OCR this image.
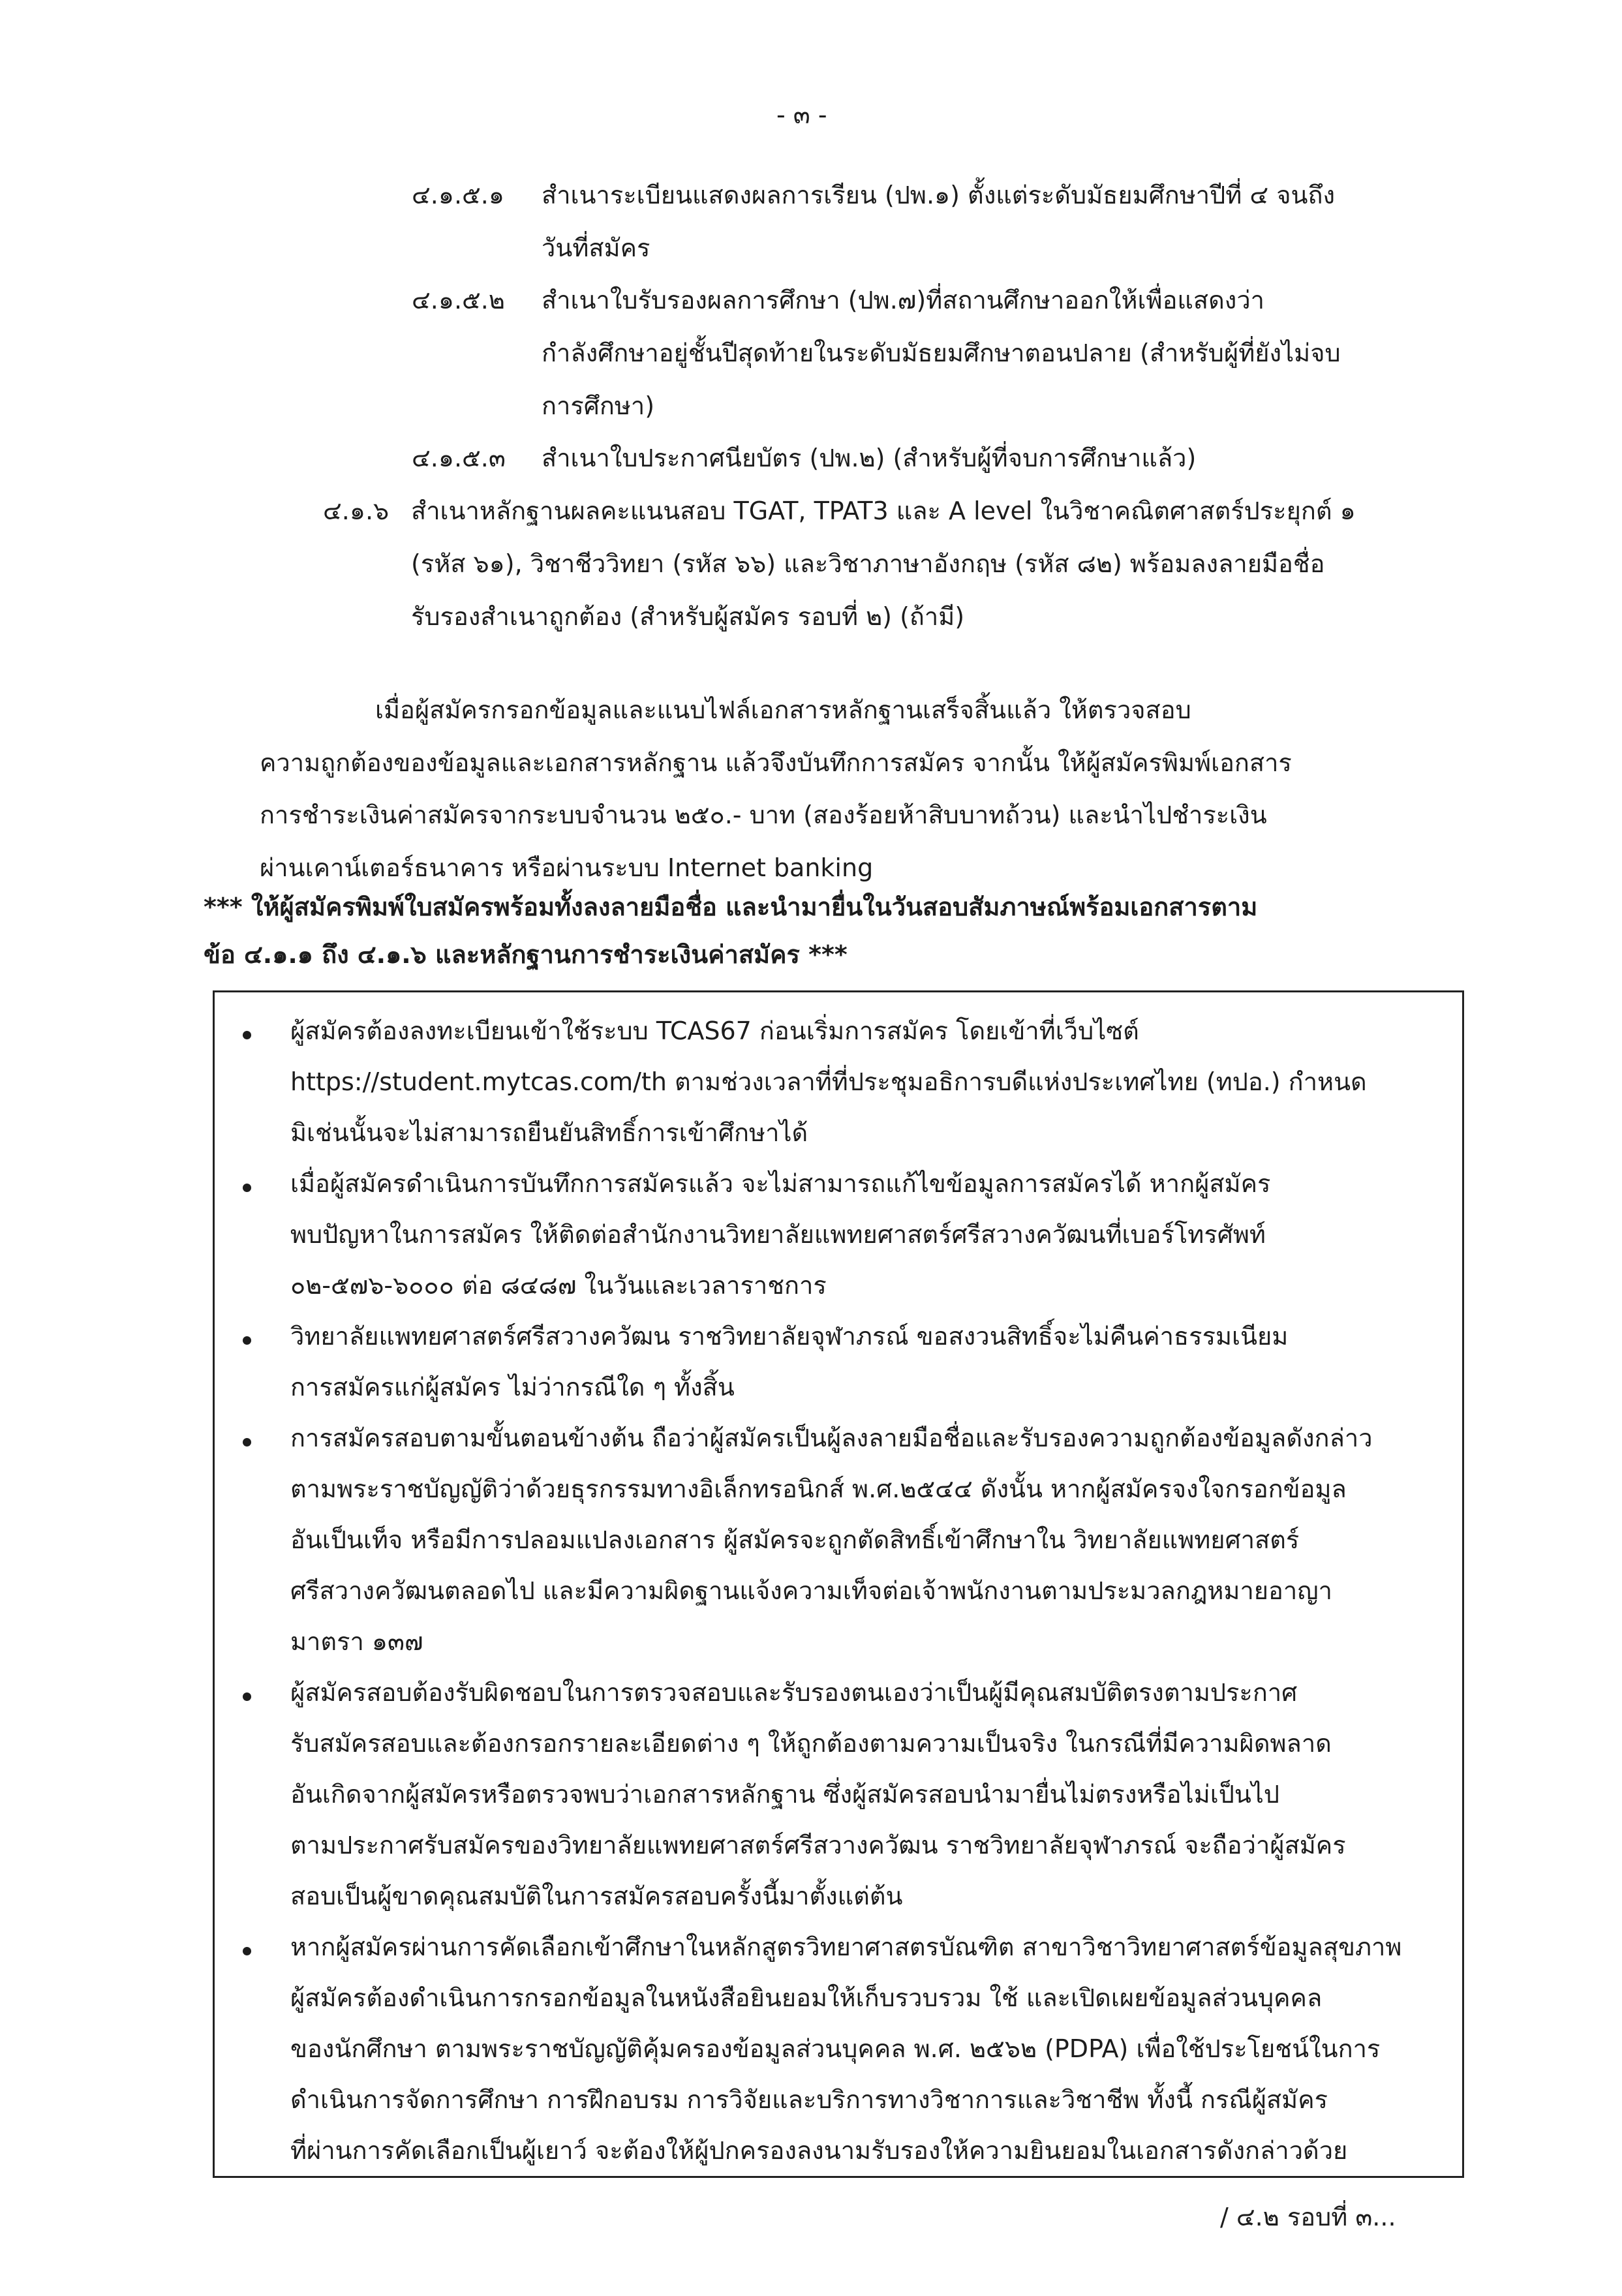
- ๓ -
๔.๑.๕.๑ สำเนาระเบียนแสดงผลการเรียน (ปพ.๑) ตั้งแต่ระดับมัธยมศึกษาปีที่ ๔ จนถึง
วันที่สมัคร
๔.๑.๕.๒ สำเนาใบรับรองผลการศึกษา (ปพ.๗)ที่สถานศึกษาออกให้เพื่อแสดงว่า
กำลังศึกษาอยู่ชั้นปีสุดท้ายในระดับมัธยมศึกษาตอนปลาย (สำหรับผู้ที่ยังไม่จบ
การศึกษา)
๔.๑.๕.๓ สำเนาใบประกาศนียบัตร (ปพ.๒) (สำหรับผู้ที่จบการศึกษาแล้ว)
๔.๑.๖ สำเนาหลักฐานผลคะแนนสอบ TGAT, TPAT3 และ A level ในวิชาคณิตศาสตร์ประยุกต์ ๑
(รหัส ๖๑), วิชาชีววิทยา (รหัส ๖๖) และวิชาภาษาอังกฤษ (รหัส ๘๒) พร้อมลงลายมือชื่อ
รับรองสำเนาถูกต้อง (สำหรับผู้สมัคร รอบที่ ๒) (ถ้ามี)
เมื่อผู้สมัครกรอกข้อมูลและแนบไฟล์เอกสารหลักฐานเสร็จสิ้นแล้ว ให้ตรวจสอบ
ความถูกต้องของข้อมูลและเอกสารหลักฐาน แล้วจึงบันทึกการสมัคร จากนั้น ให้ผู้สมัครพิมพ์เอกสาร
การชำระเงินค่าสมัครจากระบบจำนวน ๒๕๐.- บาท (สองร้อยห้าสิบบาทถ้วน) และนำไปชำระเงิน
ผ่านเคาน์เตอร์ธนาคาร หรือผ่านระบบ Internet banking
*** ให้ผู้สมัครพิมพ์ใบสมัครพร้อมทั้งลงลายมือชื่อ และนำมายื่นในวันสอบสัมภาษณ์พร้อมเอกสารตาม
ข้อ ๔.๑.๑ ถึง ๔.๑.๖ และหลักฐานการชำระเงินค่าสมัคร ***
ผู้สมัครต้องลงทะเบียนเข้าใช้ระบบ TCAS67 ก่อนเริ่มการสมัคร โดยเข้าที่เว็บไซต์
https://student.mytcas.com/th ตามช่วงเวลาที่ที่ประชุมอธิการบดีแห่งประเทศไทย (ทปอ.) กำหนด
มิเช่นนั้นจะไม่สามารถยืนยันสิทธิ์การเข้าศึกษาได้
เมื่อผู้สมัครดำเนินการบันทึกการสมัครแล้ว จะไม่สามารถแก้ไขข้อมูลการสมัครได้ หากผู้สมัคร
พบปัญหาในการสมัคร ให้ติดต่อสำนักงานวิทยาลัยแพทยศาสตร์ศรีสวางควัฒนที่เบอร์โทรศัพท์
๐๒-๕๗๖-๖๐๐๐ ต่อ ๘๔๘๗ ในวันและเวลาราชการ
วิทยาลัยแพทยศาสตร์ศรีสวางควัฒน ราชวิทยาลัยจุฬาภรณ์ ขอสงวนสิทธิ์จะไม่คืนค่าธรรมเนียม
การสมัครแก่ผู้สมัคร ไม่ว่ากรณีใด ๆ ทั้งสิ้น
การสมัครสอบตามขั้นตอนข้างต้น ถือว่าผู้สมัครเป็นผู้ลงลายมือชื่อและรับรองความถูกต้องข้อมูลดังกล่าว
ตามพระราชบัญญัติว่าด้วยธุรกรรมทางอิเล็กทรอนิกส์ พ.ศ.๒๕๔๔ ดังนั้น หากผู้สมัครจงใจกรอกข้อมูล
อันเป็นเท็จ หรือมีการปลอมแปลงเอกสาร ผู้สมัครจะถูกตัดสิทธิ์เข้าศึกษาใน วิทยาลัยแพทยศาสตร์
ศรีสวางควัฒนตลอดไป และมีความผิดฐานแจ้งความเท็จต่อเจ้าพนักงานตามประมวลกฎหมายอาญา
มาตรา ๑๓๗
ผู้สมัครสอบต้องรับผิดชอบในการตรวจสอบและรับรองตนเองว่าเป็นผู้มีคุณสมบัติตรงตามประกาศ
รับสมัครสอบและต้องกรอกรายละเอียดต่าง ๆ ให้ถูกต้องตามความเป็นจริง ในกรณีที่มีความผิดพลาด
อันเกิดจากผู้สมัครหรือตรวจพบว่าเอกสารหลักฐาน ซึ่งผู้สมัครสอบนำมายื่นไม่ตรงหรือไม่เป็นไป
ตามประกาศรับสมัครของวิทยาลัยแพทยศาสตร์ศรีสวางควัฒน ราชวิทยาลัยจุฬาภรณ์ จะถือว่าผู้สมัคร
สอบเป็นผู้ขาดคุณสมบัติในการสมัครสอบครั้งนี้มาตั้งแต่ต้น
หากผู้สมัครผ่านการคัดเลือกเข้าศึกษาในหลักสูตรวิทยาศาสตรบัณฑิต สาขาวิชาวิทยาศาสตร์ข้อมูลสุขภาพ
ผู้สมัครต้องดำเนินการกรอกข้อมูลในหนังสือยินยอมให้เก็บรวบรวม ใช้ และเปิดเผยข้อมูลส่วนบุคคล
ของนักศึกษา ตามพระราชบัญญัติคุ้มครองข้อมูลส่วนบุคคล พ.ศ. ๒๕๖๒ (PDPA) เพื่อใช้ประโยชน์ในการ
ดำเนินการจัดการศึกษา การฝึกอบรม การวิจัยและบริการทางวิชาการและวิชาชีพ ทั้งนี้ กรณีผู้สมัคร
ที่ผ่านการคัดเลือกเป็นผู้เยาว์ จะต้องให้ผู้ปกครองลงนามรับรองให้ความยินยอมในเอกสารดังกล่าวด้วย
/ ๔.๒ รอบที่ ๓...
